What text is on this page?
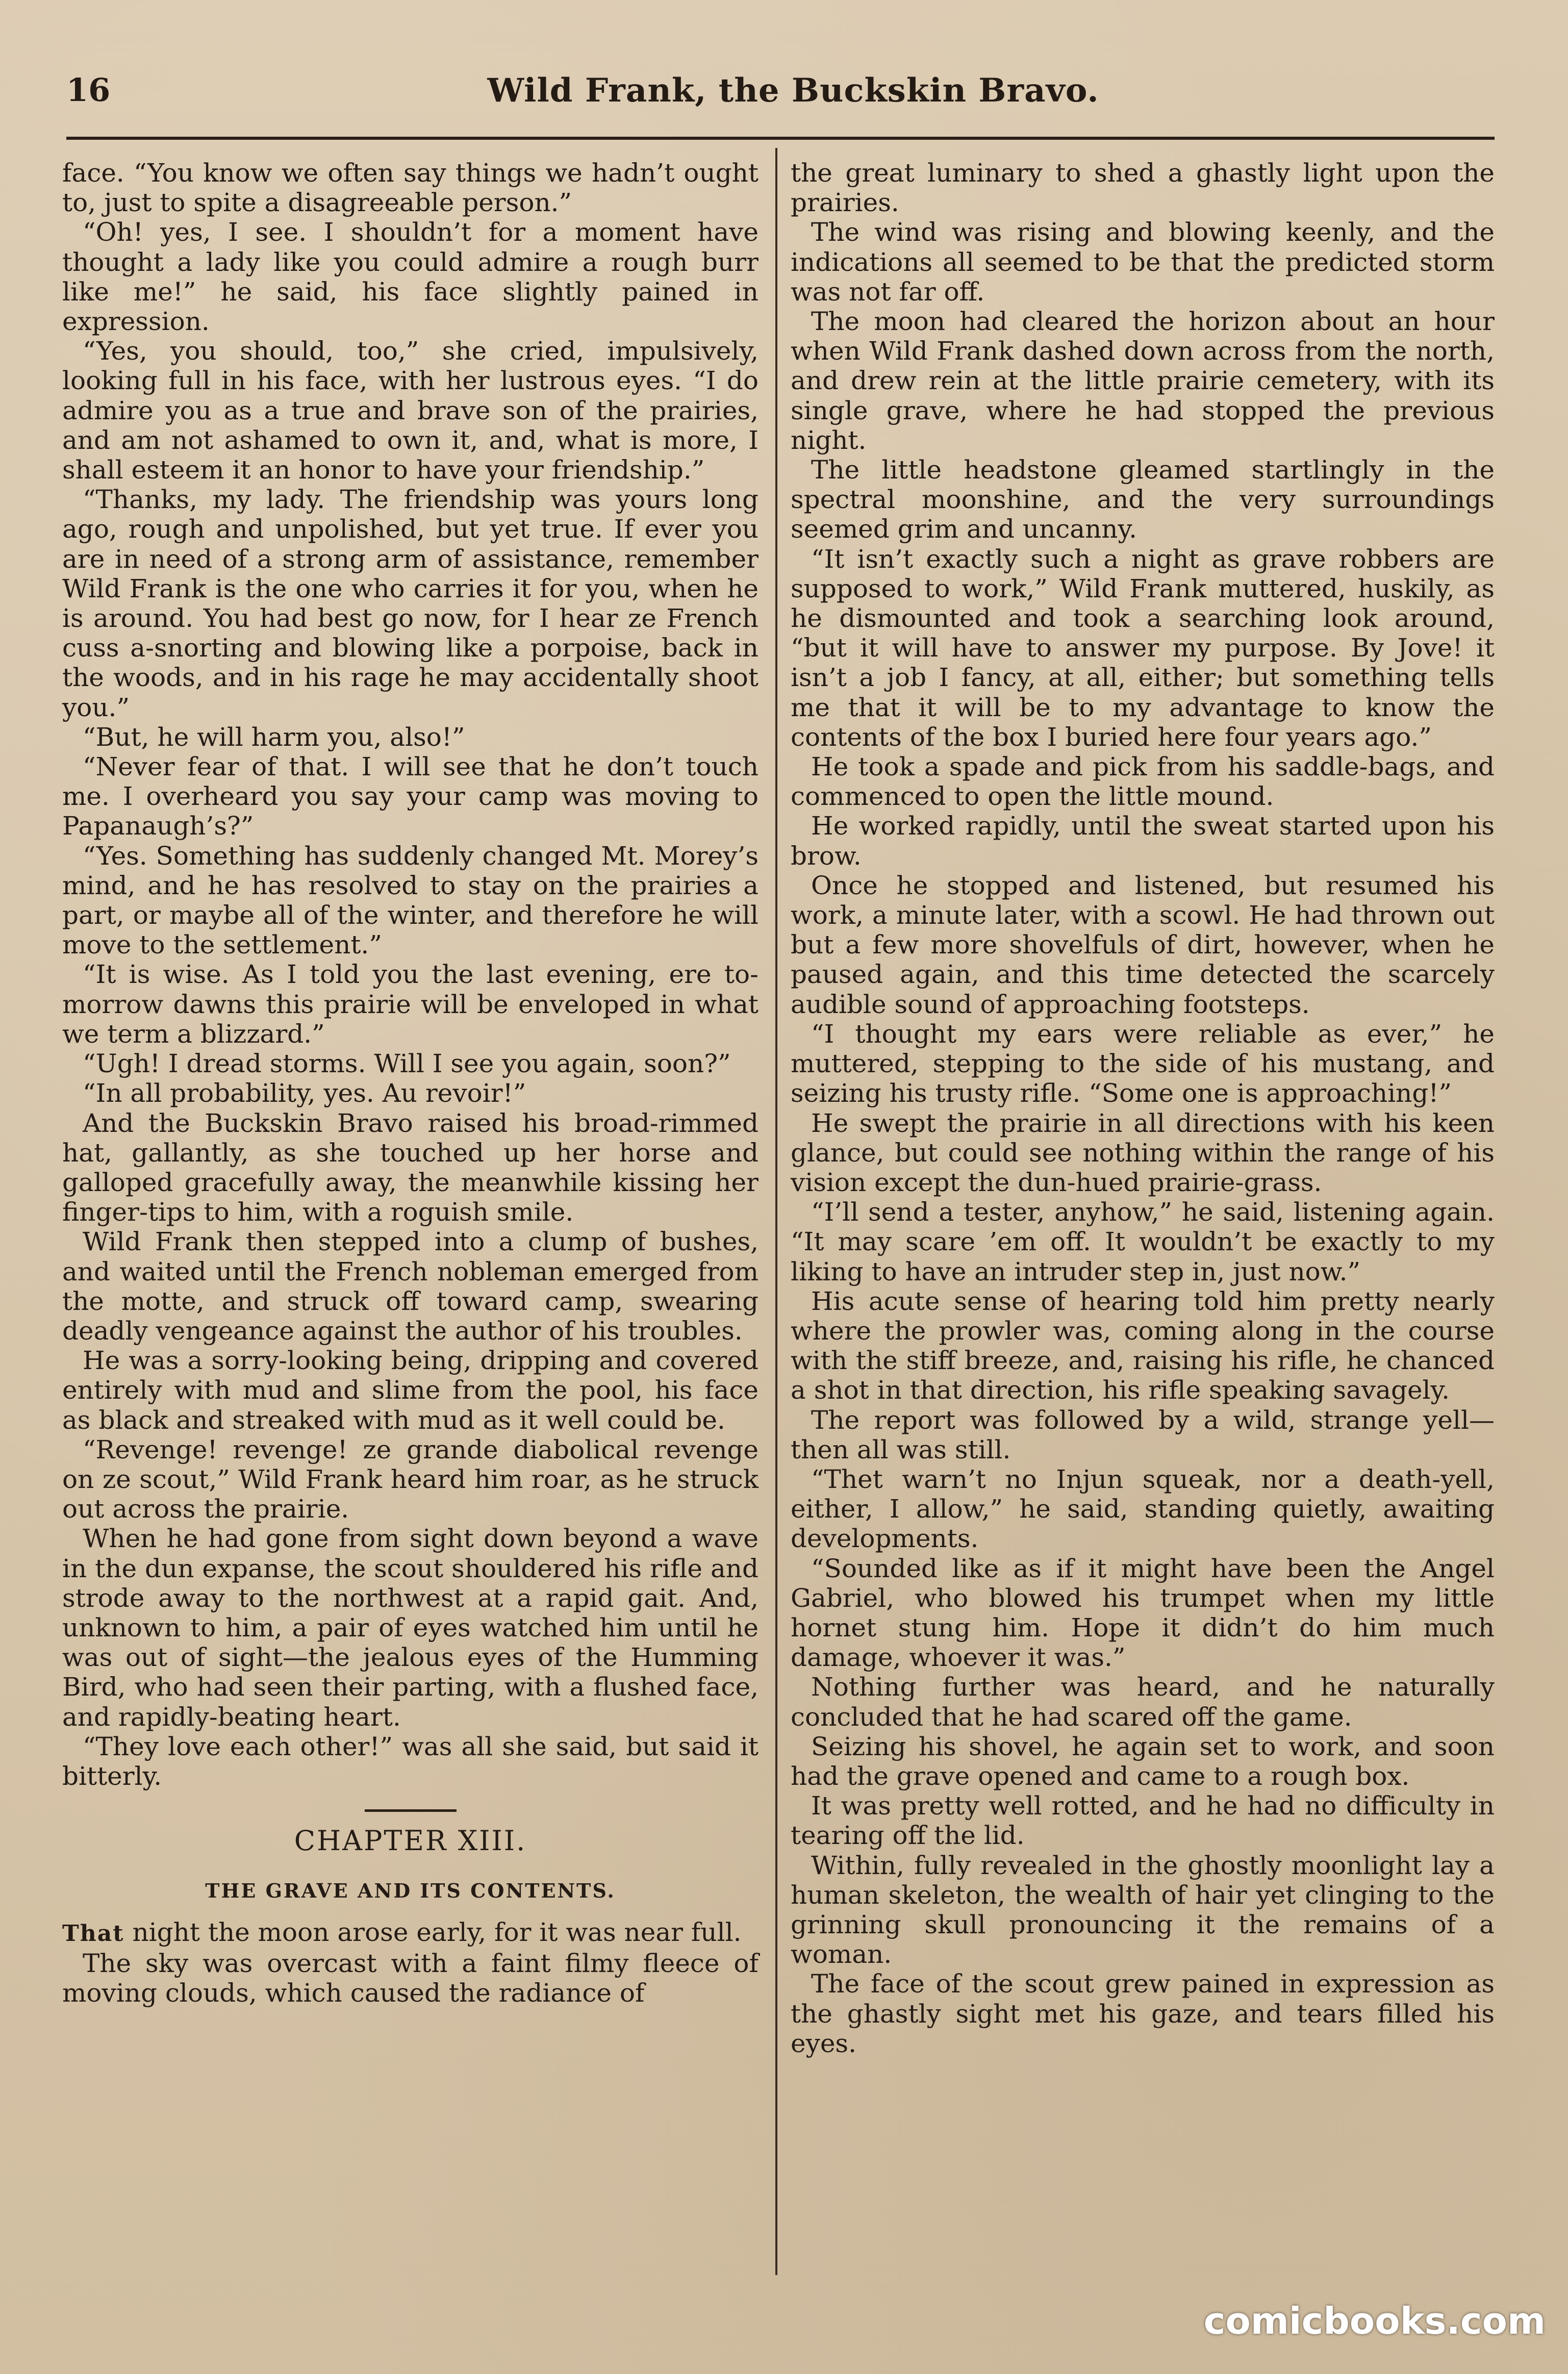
16	Wild Frank, the Buckskin Bravo.

face. “You know we often say things we hadn’t ought to, just to spite a disagreeable person.”

“Oh! yes, I see. I shouldn’t for a moment have thought a lady like you could admire a rough burr like me!” he said, his face slightly pained in expression.

“Yes, you should, too,” she cried, impulsively, looking full in his face, with her lustrous eyes. “I do admire you as a true and brave son of the prairies, and am not ashamed to own it, and, what is more, I shall esteem it an honor to have your friendship.”

“Thanks, my lady. The friendship was yours long ago, rough and unpolished, but yet true. If ever you are in need of a strong arm of assistance, remember Wild Frank is the one who carries it for you, when he is around. You had best go now, for I hear ze French cuss a-snorting and blowing like a porpoise, back in the woods, and in his rage he may accidentally shoot you.”

“But, he will harm you, also!”

“Never fear of that. I will see that he don’t touch me. I overheard you say your camp was moving to Papanaugh’s?”

“Yes. Something has suddenly changed Mt. Morey’s mind, and he has resolved to stay on the prairies a part, or maybe all of the winter, and therefore he will move to the settlement.”

“It is wise. As I told you the last evening, ere to-morrow dawns this prairie will be enveloped in what we term a blizzard.”

“Ugh! I dread storms. Will I see you again, soon?”

“In all probability, yes. Au revoir!”

And the Buckskin Bravo raised his broad-rimmed hat, gallantly, as she touched up her horse and galloped gracefully away, the meanwhile kissing her finger-tips to him, with a roguish smile.

Wild Frank then stepped into a clump of bushes, and waited until the French nobleman emerged from the motte, and struck off toward camp, swearing deadly vengeance against the author of his troubles.

He was a sorry-looking being, dripping and covered entirely with mud and slime from the pool, his face as black and streaked with mud as it well could be.

“Revenge! revenge! ze grande diabolical revenge on ze scout,” Wild Frank heard him roar, as he struck out across the prairie.

When he had gone from sight down beyond a wave in the dun expanse, the scout shouldered his rifle and strode away to the northwest at a rapid gait. And, unknown to him, a pair of eyes watched him until he was out of sight—the jealous eyes of the Humming Bird, who had seen their parting, with a flushed face, and rapidly-beating heart.

“They love each other!” was all she said, but said it bitterly.

CHAPTER XIII.
THE GRAVE AND ITS CONTENTS.

That night the moon arose early, for it was near full.

The sky was overcast with a faint filmy fleece of moving clouds, which caused the radiance of

the great luminary to shed a ghastly light upon the prairies.

The wind was rising and blowing keenly, and the indications all seemed to be that the predicted storm was not far off.

The moon had cleared the horizon about an hour when Wild Frank dashed down across from the north, and drew rein at the little prairie cemetery, with its single grave, where he had stopped the previous night.

The little headstone gleamed startlingly in the spectral moonshine, and the very surroundings seemed grim and uncanny.

“It isn’t exactly such a night as grave robbers are supposed to work,” Wild Frank muttered, huskily, as he dismounted and took a searching look around, “but it will have to answer my purpose. By Jove! it isn’t a job I fancy, at all, either; but something tells me that it will be to my advantage to know the contents of the box I buried here four years ago.”

He took a spade and pick from his saddle-bags, and commenced to open the little mound.

He worked rapidly, until the sweat started upon his brow.

Once he stopped and listened, but resumed his work, a minute later, with a scowl. He had thrown out but a few more shovelfuls of dirt, however, when he paused again, and this time detected the scarcely audible sound of approaching footsteps.

“I thought my ears were reliable as ever,” he muttered, stepping to the side of his mustang, and seizing his trusty rifle. “Some one is approaching!”

He swept the prairie in all directions with his keen glance, but could see nothing within the range of his vision except the dun-hued prairie-grass.

“I’ll send a tester, anyhow,” he said, listening again. “It may scare ’em off. It wouldn’t be exactly to my liking to have an intruder step in, just now.”

His acute sense of hearing told him pretty nearly where the prowler was, coming along in the course with the stiff breeze, and, raising his rifle, he chanced a shot in that direction, his rifle speaking savagely.

The report was followed by a wild, strange yell—then all was still.

“Thet warn’t no Injun squeak, nor a death-yell, either, I allow,” he said, standing quietly, awaiting developments.

“Sounded like as if it might have been the Angel Gabriel, who blowed his trumpet when my little hornet stung him. Hope it didn’t do him much damage, whoever it was.”

Nothing further was heard, and he naturally concluded that he had scared off the game.

Seizing his shovel, he again set to work, and soon had the grave opened and came to a rough box.

It was pretty well rotted, and he had no difficulty in tearing off the lid.

Within, fully revealed in the ghostly moonlight lay a human skeleton, the wealth of hair yet clinging to the grinning skull pronouncing it the remains of a woman.

The face of the scout grew pained in expression as the ghastly sight met his gaze, and tears filled his eyes.

comicbooks.com
